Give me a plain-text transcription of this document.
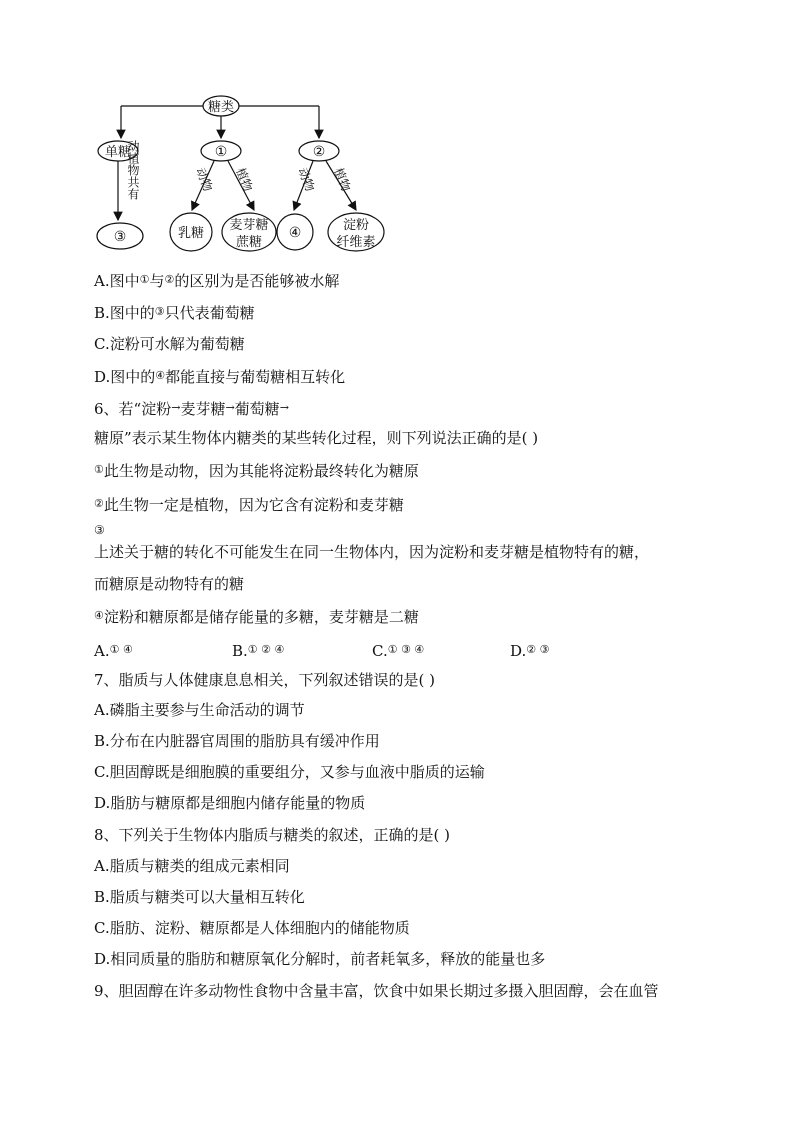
糖类
单糖	①	②
动植物共有	动物 植物	动物 植物
③	乳糖
麦芽糖
蔗糖
④	淀粉
纤维素
A.图中①与②的区别为是否能够被水解
B.图中的③只代表葡萄糖
C.淀粉可水解为葡萄糖
D.图中的④都能直接与葡萄糖相互转化
6、若“淀粉→麦芽糖→葡萄糖→
糖原”表示某生物体内糖类的某些转化过程，则下列说法正确的是( )
①此生物是动物，因为其能将淀粉最终转化为糖原
②此生物一定是植物，因为它含有淀粉和麦芽糖
③
上述关于糖的转化不可能发生在同一生物体内，因为淀粉和麦芽糖是植物特有的糖，
而糖原是动物特有的糖
④淀粉和糖原都是储存能量的多糖，麦芽糖是二糖
A.① ④	B.① ② ④	C.① ③ ④	D.② ③
7、脂质与人体健康息息相关，下列叙述错误的是( )
A.磷脂主要参与生命活动的调节
B.分布在内脏器官周围的脂肪具有缓冲作用
C.胆固醇既是细胞膜的重要组分，又参与血液中脂质的运输
D.脂肪与糖原都是细胞内储存能量的物质
8、下列关于生物体内脂质与糖类的叙述，正确的是( )
A.脂质与糖类的组成元素相同
B.脂质与糖类可以大量相互转化
C.脂肪、淀粉、糖原都是人体细胞内的储能物质
D.相同质量的脂肪和糖原氧化分解时，前者耗氧多，释放的能量也多
9、胆固醇在许多动物性食物中含量丰富，饮食中如果长期过多摄入胆固醇，会在血管
